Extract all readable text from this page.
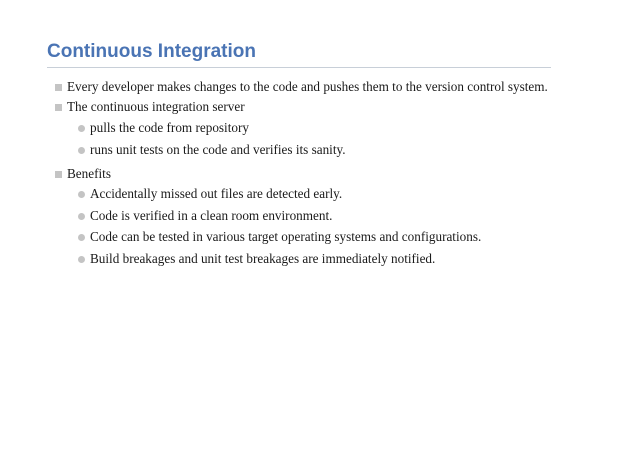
Continuous Integration
Every developer makes changes to the code and pushes them to the version control system.
The continuous integration server
pulls the code from repository
runs unit tests on the code and verifies its sanity.
Benefits
Accidentally missed out files are detected early.
Code is verified in a clean room environment.
Code can be tested in various target operating systems and configurations.
Build breakages and unit test breakages are immediately notified.
